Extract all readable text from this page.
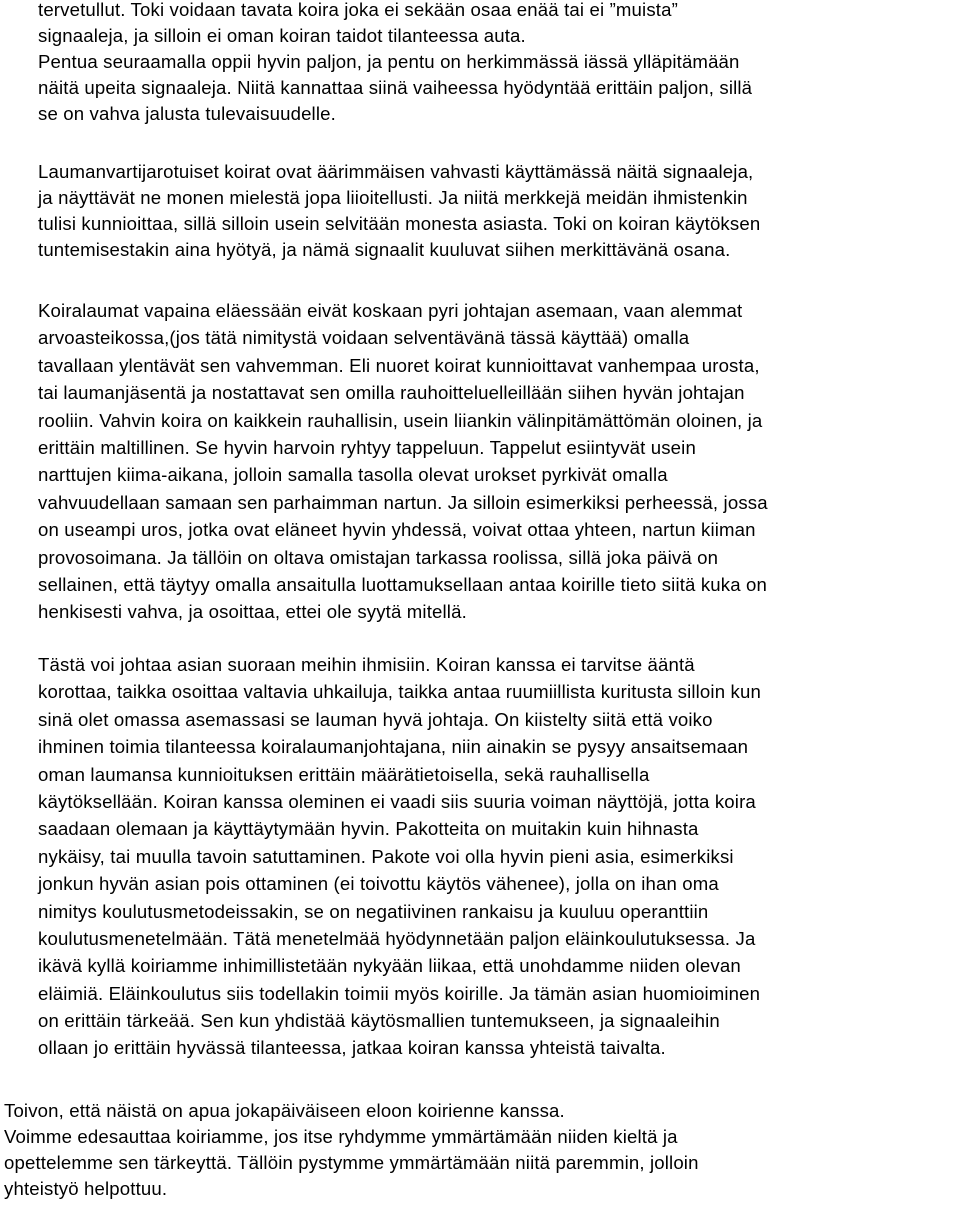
tervetullut. Toki voidaan tavata koira joka ei sekään osaa enää tai ei ”muista”
signaaleja, ja silloin ei oman koiran taidot tilanteessa auta.
Pentua seuraamalla oppii hyvin paljon, ja pentu on herkimmässä iässä ylläpitämään
näitä upeita signaaleja. Niitä kannattaa siinä vaiheessa hyödyntää erittäin paljon, sillä
se on vahva jalusta tulevaisuudelle.
Laumanvartijarotuiset koirat ovat äärimmäisen vahvasti käyttämässä näitä signaaleja,
ja näyttävät ne monen mielestä jopa liioitellusti. Ja niitä merkkejä meidän ihmistenkin
tulisi kunnioittaa, sillä silloin usein selvitään monesta asiasta. Toki on koiran käytöksen
tuntemisestakin aina hyötyä, ja nämä signaalit kuuluvat siihen merkittävänä osana.
Koiralaumat vapaina eläessään eivät koskaan pyri johtajan asemaan, vaan alemmat
arvoasteikossa,(jos tätä nimitystä voidaan selventävänä tässä käyttää) omalla
tavallaan ylentävät sen vahvemman. Eli nuoret koirat kunnioittavat vanhempaa urosta,
tai laumanjäsentä ja nostattavat sen omilla rauhoitteluelleillään siihen hyvän johtajan
rooliin. Vahvin koira on kaikkein rauhallisin, usein liiankin välinpitämättömän oloinen, ja
erittäin maltillinen. Se hyvin harvoin ryhtyy tappeluun. Tappelut esiintyvät usein
narttujen kiima-aikana, jolloin samalla tasolla olevat urokset pyrkivät omalla
vahvuudellaan samaan sen parhaimman nartun. Ja silloin esimerkiksi perheessä, jossa
on useampi uros, jotka ovat eläneet hyvin yhdessä, voivat ottaa yhteen, nartun kiiman
provosoimana. Ja tällöin on oltava omistajan tarkassa roolissa, sillä joka päivä on
sellainen, että täytyy omalla ansaitulla luottamuksellaan antaa koirille tieto siitä kuka on
henkisesti vahva, ja osoittaa, ettei ole syytä mitellä.
Tästä voi johtaa asian suoraan meihin ihmisiin. Koiran kanssa ei tarvitse ääntä
korottaa, taikka osoittaa valtavia uhkailuja, taikka antaa ruumiillista kuritusta silloin kun
sinä olet omassa asemassasi se lauman hyvä johtaja. On kiistelty siitä että voiko
ihminen toimia tilanteessa koiralaumanjohtajana, niin ainakin se pysyy ansaitsemaan
oman laumansa kunnioituksen erittäin määrätietoisella, sekä rauhallisella
käytöksellään. Koiran kanssa oleminen ei vaadi siis suuria voiman näyttöjä, jotta koira
saadaan olemaan ja käyttäytymään hyvin. Pakotteita on muitakin kuin hihnasta
nykäisy, tai muulla tavoin satuttaminen. Pakote voi olla hyvin pieni asia, esimerkiksi
jonkun hyvän asian pois ottaminen (ei toivottu käytös vähenee), jolla on ihan oma
nimitys koulutusmetodeissakin, se on negatiivinen rankaisu ja kuuluu operanttiin
koulutusmenetelmään. Tätä menetelmää hyödynnetään paljon eläinkoulutuksessa. Ja
ikävä kyllä koiriamme inhimillistetään nykyään liikaa, että unohdamme niiden olevan
eläimiä. Eläinkoulutus siis todellakin toimii myös koirille. Ja tämän asian huomioiminen
on erittäin tärkeää. Sen kun yhdistää käytösmallien tuntemukseen, ja signaaleihin
ollaan jo erittäin hyvässä tilanteessa, jatkaa koiran kanssa yhteistä taivalta.
Toivon, että näistä on apua jokapäiväiseen eloon koirienne kanssa.
Voimme edesauttaa koiriamme, jos itse ryhdymme ymmärtämään niiden kieltä ja
opettelemme sen tärkeyttä. Tällöin pystymme ymmärtämään niitä paremmin, jolloin
yhteistyö helpottuu.
